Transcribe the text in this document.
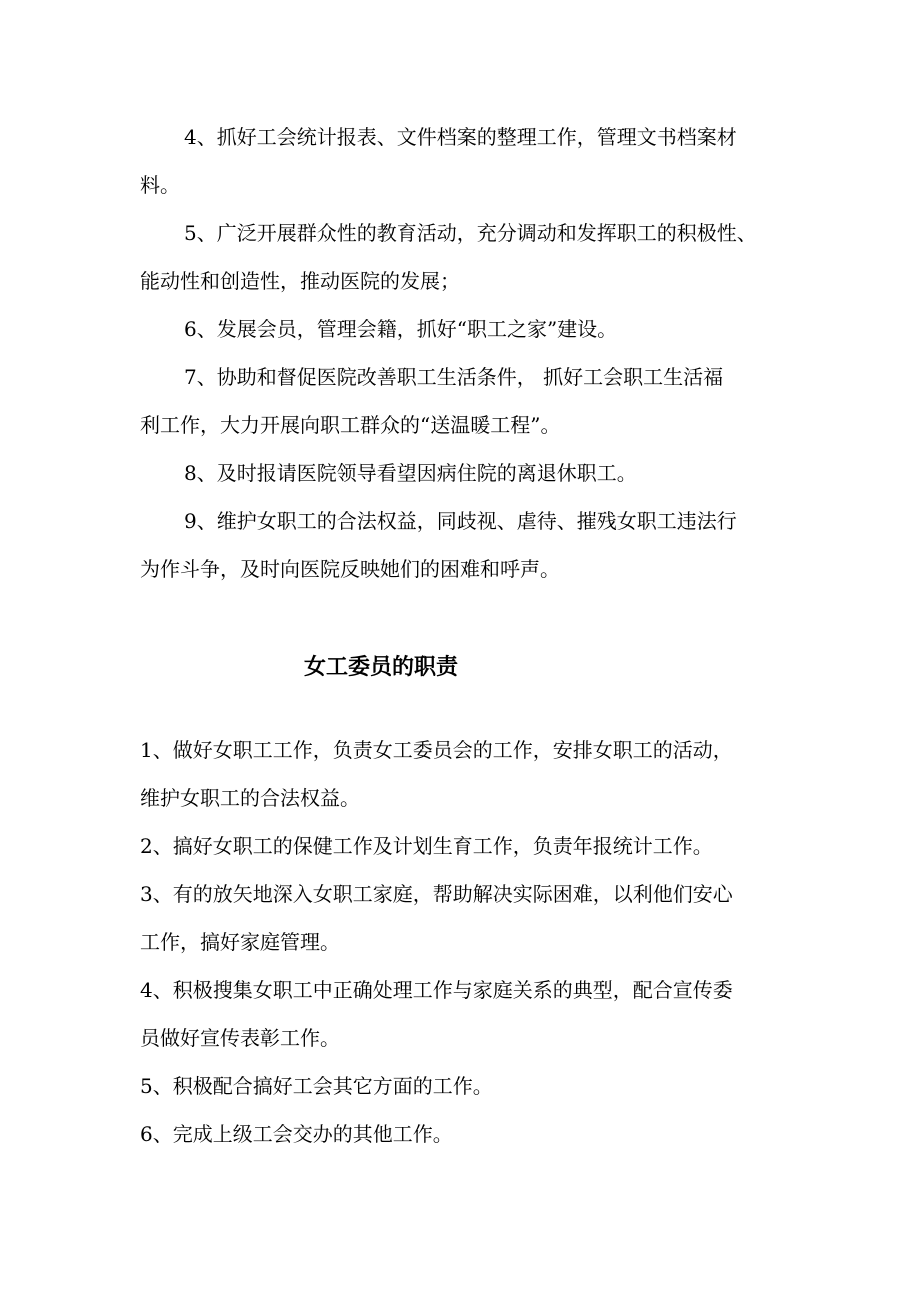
4、抓好工会统计报表、文件档案的整理工作，管理文书档案材
料。
5、广泛开展群众性的教育活动，充分调动和发挥职工的积极性、
能动性和创造性，推动医院的发展；
6、发展会员，管理会籍，抓好“职工之家”建设。
7、协助和督促医院改善职工生活条件， 抓好工会职工生活福
利工作，大力开展向职工群众的“送温暖工程”。
8、及时报请医院领导看望因病住院的离退休职工。
9、维护女职工的合法权益，同歧视、虐待、摧残女职工违法行
为作斗争，及时向医院反映她们的困难和呼声。
女工委员的职责
1、做好女职工工作，负责女工委员会的工作，安排女职工的活动，
维护女职工的合法权益。
2、搞好女职工的保健工作及计划生育工作，负责年报统计工作。
3、有的放矢地深入女职工家庭，帮助解决实际困难，以利他们安心
工作，搞好家庭管理。
4、积极搜集女职工中正确处理工作与家庭关系的典型，配合宣传委
员做好宣传表彰工作。
5、积极配合搞好工会其它方面的工作。
6、完成上级工会交办的其他工作。
